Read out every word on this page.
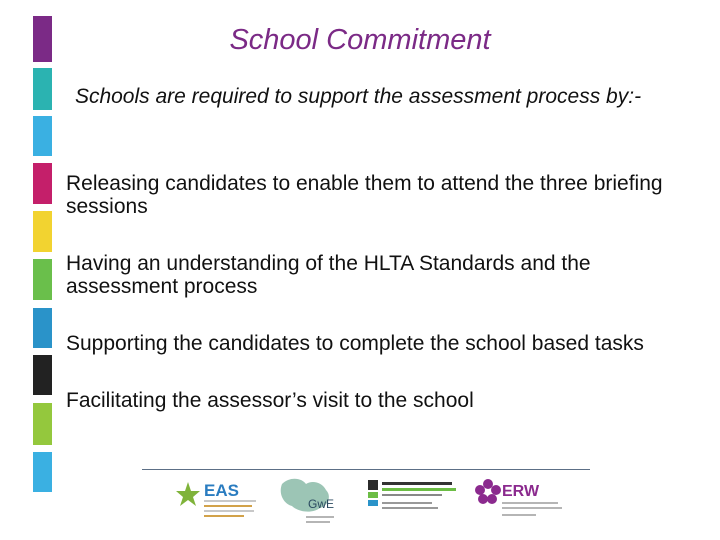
School Commitment
Schools are required to support the assessment process by:-
Releasing candidates to enable them to attend the three briefing sessions
Having an understanding of the HLTA Standards and the assessment process
Supporting the candidates to complete the school based tasks
Facilitating the assessor’s visit to the school
EAS
GwE
ERW
